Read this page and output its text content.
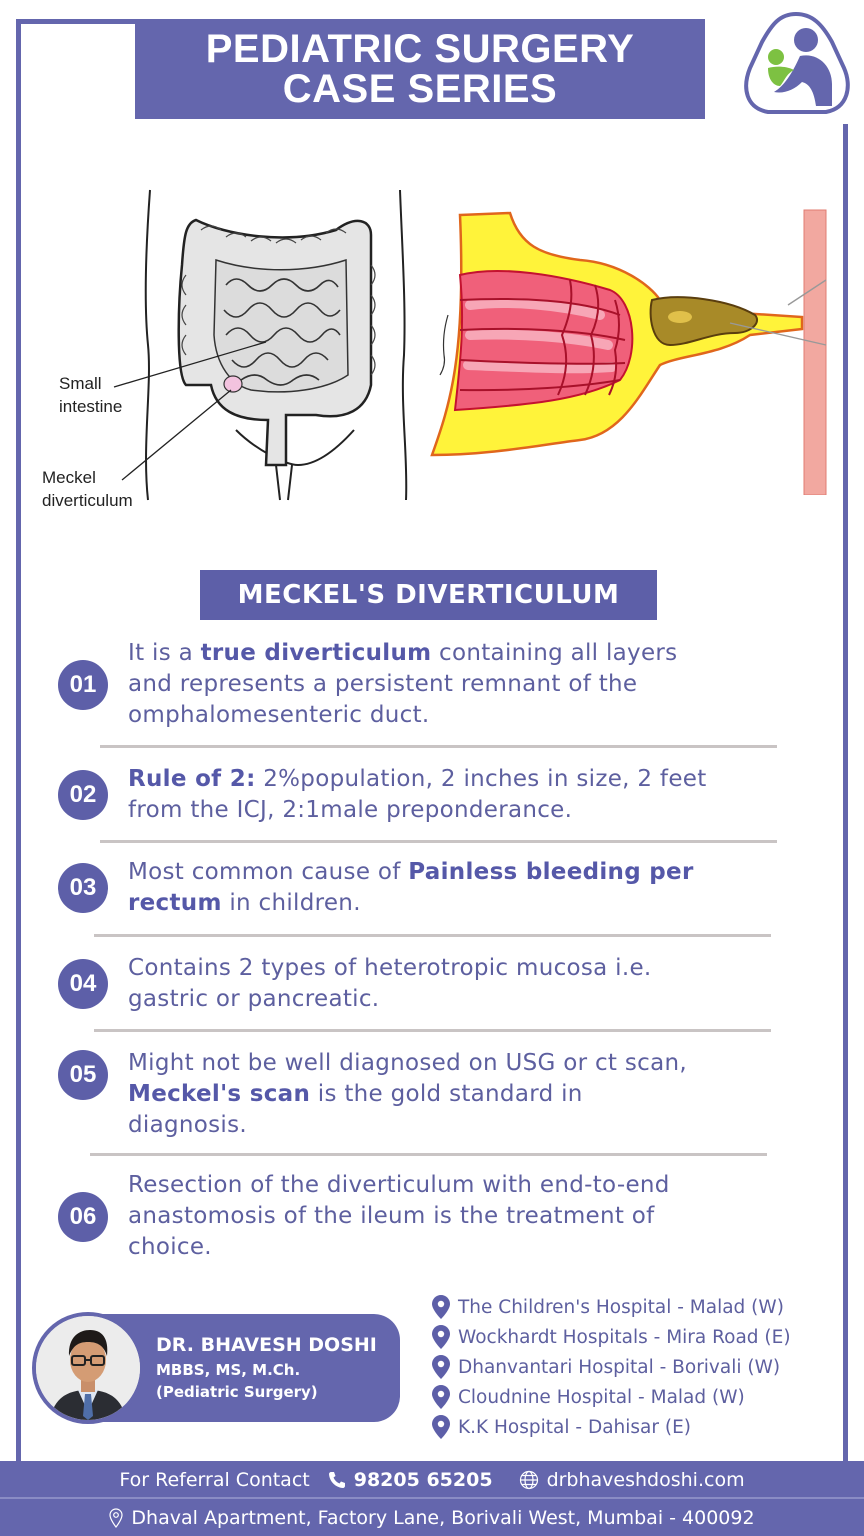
PEDIATRIC SURGERY
CASE SERIES
Small
intestine
Meckel
diverticulum
MECKEL'S DIVERTICULUM
01
It is a true diverticulum containing all layers
and represents a persistent remnant of the
omphalomesenteric duct.
02
Rule of 2: 2%population, 2 inches in size, 2 feet
from the ICJ, 2:1male preponderance.
03
Most common cause of Painless bleeding per
rectum in children.
04
Contains 2 types of heterotropic mucosa i.e.
gastric or pancreatic.
05	Might not be well diagnosed on USG or ct scan,
Meckel's scan is the gold standard in
diagnosis.
06
Resection of the diverticulum with end-to-end
anastomosis of the ileum is the treatment of
choice.
DR. BHAVESH DOSHI
MBBS, MS, M.Ch.
(Pediatric Surgery)
The Children's Hospital - Malad (W)
Wockhardt Hospitals - Mira Road (E)
Dhanvantari Hospital - Borivali (W)
Cloudnine Hospital - Malad (W)
K.K Hospital - Dahisar (E)
For Referral Contact 98205 65205	drbhaveshdoshi.com
Dhaval Apartment, Factory Lane, Borivali West, Mumbai - 400092
